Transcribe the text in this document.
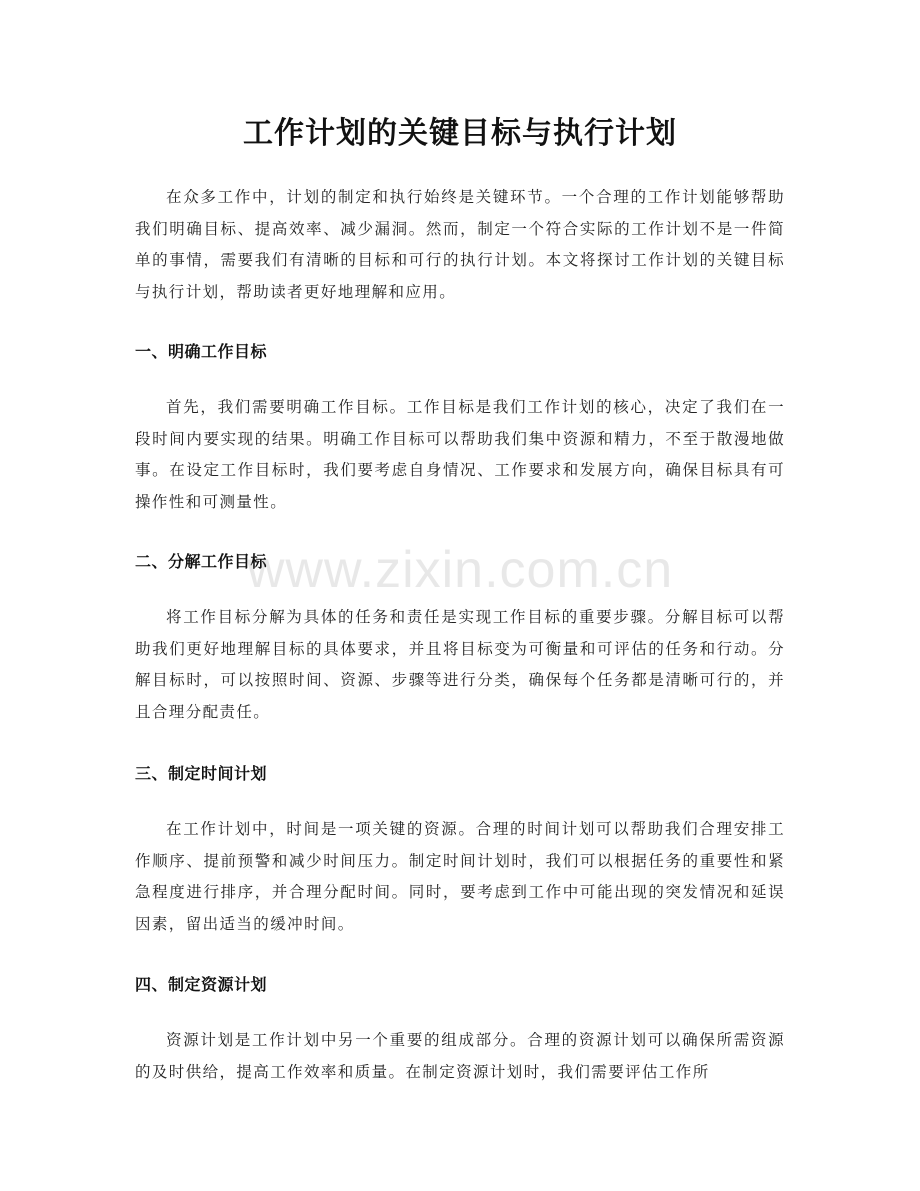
工作计划的关键目标与执行计划

在众多工作中，计划的制定和执行始终是关键环节。一个合理的工作计划能够帮助我们明确目标、提高效率、减少漏洞。然而，制定一个符合实际的工作计划不是一件简单的事情，需要我们有清晰的目标和可行的执行计划。本文将探讨工作计划的关键目标与执行计划，帮助读者更好地理解和应用。

一、明确工作目标

首先，我们需要明确工作目标。工作目标是我们工作计划的核心，决定了我们在一段时间内要实现的结果。明确工作目标可以帮助我们集中资源和精力，不至于散漫地做事。在设定工作目标时，我们要考虑自身情况、工作要求和发展方向，确保目标具有可操作性和可测量性。

二、分解工作目标

将工作目标分解为具体的任务和责任是实现工作目标的重要步骤。分解目标可以帮助我们更好地理解目标的具体要求，并且将目标变为可衡量和可评估的任务和行动。分解目标时，可以按照时间、资源、步骤等进行分类，确保每个任务都是清晰可行的，并且合理分配责任。

三、制定时间计划

在工作计划中，时间是一项关键的资源。合理的时间计划可以帮助我们合理安排工作顺序、提前预警和减少时间压力。制定时间计划时，我们可以根据任务的重要性和紧急程度进行排序，并合理分配时间。同时，要考虑到工作中可能出现的突发情况和延误因素，留出适当的缓冲时间。

四、制定资源计划

资源计划是工作计划中另一个重要的组成部分。合理的资源计划可以确保所需资源的及时供给，提高工作效率和质量。在制定资源计划时，我们需要评估工作所

www.zixin.com.cn
